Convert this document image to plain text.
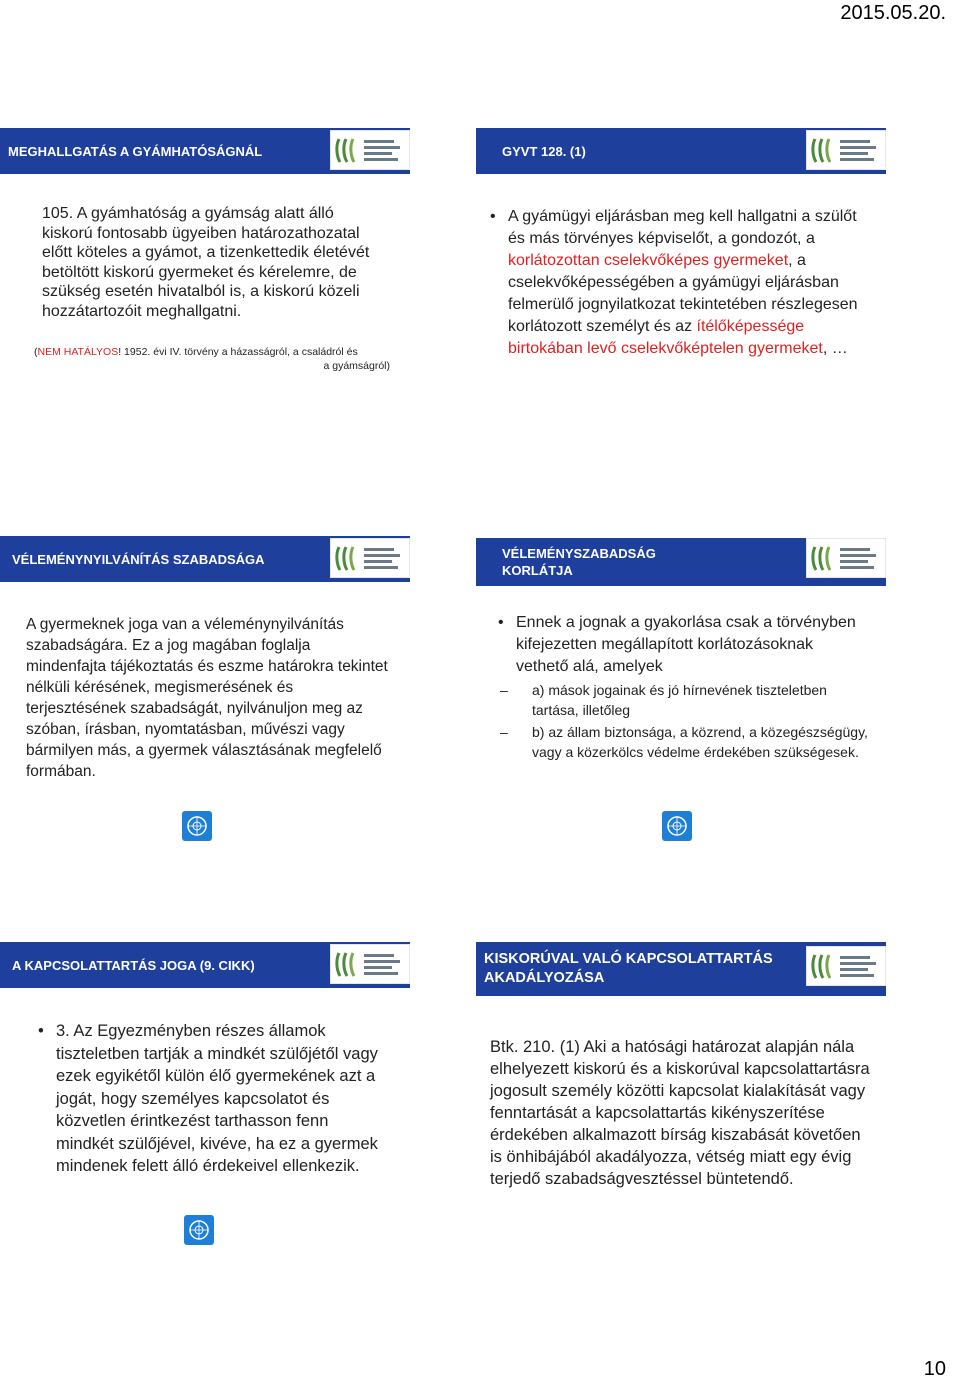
2015.05.20.
MEGHALLGATÁS A GYÁMHATÓSÁGNÁL
105. A gyámhatóság a gyámság alatt álló kiskorú fontosabb ügyeiben határozathozatal előtt köteles a gyámot, a tizenkettedik életévét betöltött kiskorú gyermeket és kérelemre, de szükség esetén hivatalból is, a kiskorú közeli hozzátartozóit meghallgatni.
(NEM HATÁLYOS! 1952. évi IV. törvény a házasságról, a családról és
a gyámságról)
GYVT 128. (1)
• A gyámügyi eljárásban meg kell hallgatni a szülőt és más törvényes képviselőt, a gondozót, a korlátozottan cselekvőképes gyermeket, a cselekvőképességében a gyámügyi eljárásban felmerülő jognyilatkozat tekintetében részlegesen korlátozott személyt és az ítélőképessége birtokában levő cselekvőképtelen gyermeket, …
VÉLEMÉNYNYILVÁNÍTÁS SZABADSÁGA
A gyermeknek joga van a véleménynyilvánítás szabadságára. Ez a jog magában foglalja mindenfajta tájékoztatás és eszme határokra tekintet nélküli kérésének, megismerésének és terjesztésének szabadságát, nyilvánuljon meg az szóban, írásban, nyomtatásban, művészi vagy bármilyen más, a gyermek választásának megfelelő formában.
VÉLEMÉNYSZABADSÁG KORLÁTJA
• Ennek a jognak a gyakorlása csak a törvényben kifejezetten megállapított korlátozásoknak vethető alá, amelyek
– a) mások jogainak és jó hírnevének tiszteletben tartása, illetőleg
– b) az állam biztonsága, a közrend, a közegészségügy, vagy a közerkölcs védelme érdekében szükségesek.
A KAPCSOLATTARTÁS JOGA (9. CIKK)
• 3. Az Egyezményben részes államok tiszteletben tartják a mindkét szülőjétől vagy ezek egyikétől külön élő gyermekének azt a jogát, hogy személyes kapcsolatot és közvetlen érintkezést tarthasson fenn mindkét szülőjével, kivéve, ha ez a gyermek mindenek felett álló érdekeivel ellenkezik.
KISKORÚVAL VALÓ KAPCSOLATTARTÁS AKADÁLYOZÁSA
Btk. 210. (1) Aki a hatósági határozat alapján nála elhelyezett kiskorú és a kiskorúval kapcsolattartásra jogosult személy közötti kapcsolat kialakítását vagy fenntartását a kapcsolattartás kikényszerítése érdekében alkalmazott bírság kiszabását követően is önhibájából akadályozza, vétség miatt egy évig terjedő szabadságvesztéssel büntetendő.
10
